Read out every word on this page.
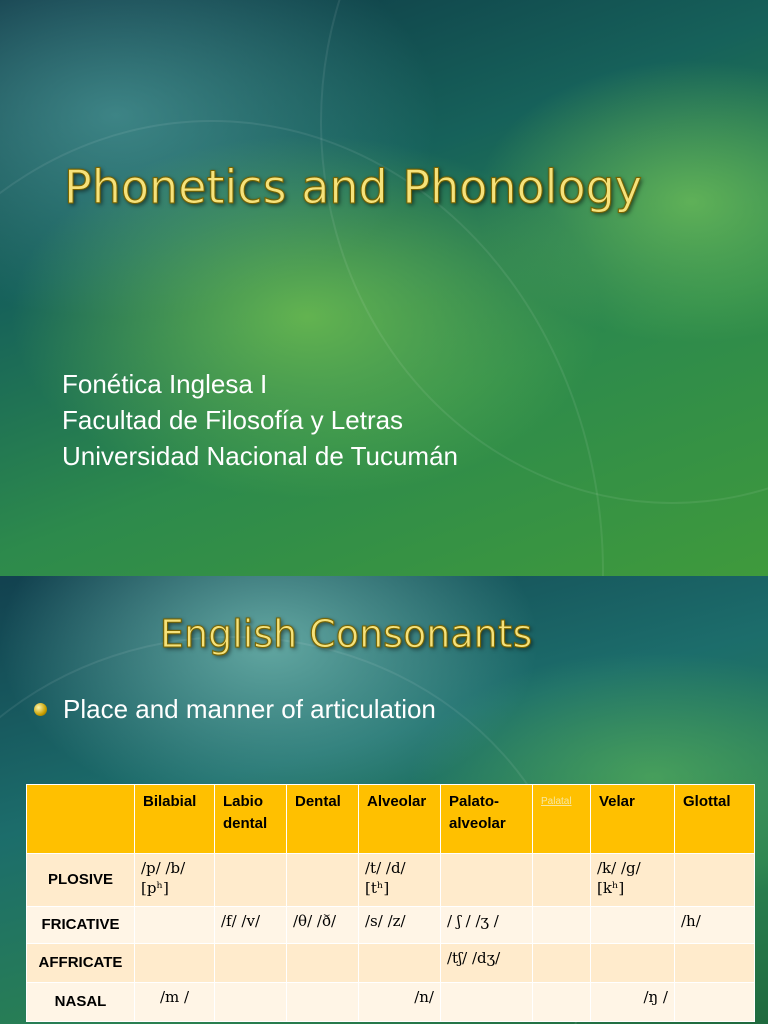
Phonetics and Phonology
Fonética Inglesa I
Facultad de Filosofía y Letras
Universidad Nacional de Tucumán
English Consonants
Place and manner of articulation
	Bilabial	Labio dental	Dental	Alveolar	Palato-alveolar	Palatal	Velar	Glottal
PLOSIVE	/p/ /b/ [pʰ]			/t/ /d/ [tʰ]			/k/ /g/ [kʰ]	
FRICATIVE		/f/ /v/	/θ/ /ð/	/s/ /z/	/ ʃ / /ʒ /			/h/
AFFRICATE					/tʃ/ /dʒ/			
NASAL	/m /			/n/			/ŋ /	
